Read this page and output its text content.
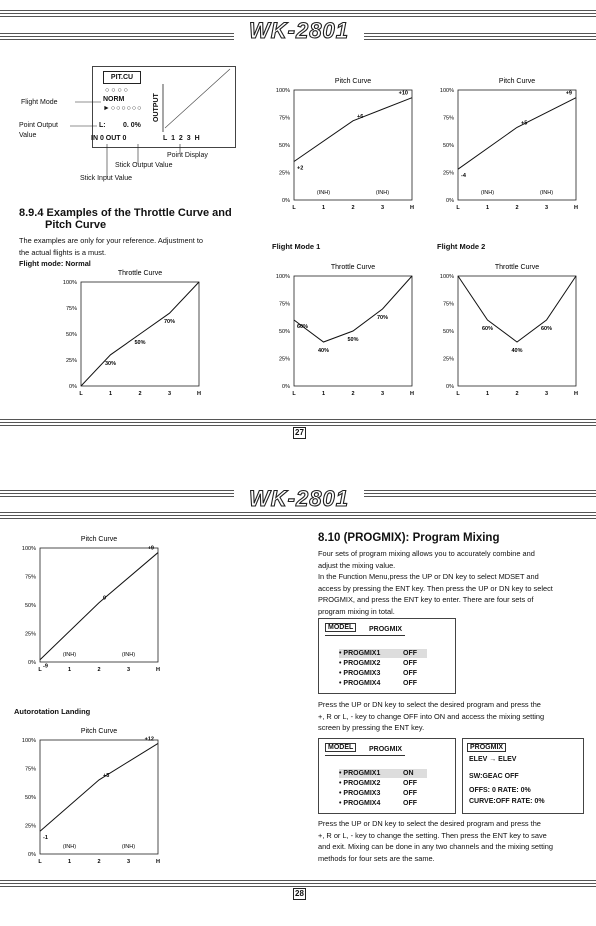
WK-2801
PIT.CU
○○○○
NORM
►○○○○○○
L: 0. 0%
IN 0 OUT 0
OUTPUT
L 1 2 3 H
Flight Mode
Point Output
Value
Point Display
Stick Output Value
Stick Input Value
8.9.4 Examples of the Throttle Curve and
Pitch Curve
The examples are only for your reference. Adjustment to
the actual flights is a must.
Flight mode: Normal
Flight Mode 1	Flight Mode 2
Pitch Curve
100%
75%
50%
25%
0%
L	1	2	3	H
+2
+6
+10
(INH)	(INH)
Pitch Curve
100%
75%
50%
25%
0%
L	1	2	3	H
-4
+5
+9
(INH)	(INH)
Throttle Curve
100%
75%
50%
25%
0%
L	1	2	3	H
30%
50%
70%
Throttle Curve
100%
75%
50%
25%
0%
L	1	2	3	H
60%
40%
50%
70%
Throttle Curve
100%
75%
50%
25%
0%
L	1	2	3	H
60%
40%
60%
27
WK-2801
Pitch Curve
100%
75%
50%
25%
0%
L	1	2	3	H
-9
0
+9
(INH)	(INH)
Autorotation Landing
Pitch Curve
100%
75%
50%
25%
0%
L	1	2	3	H
-1
+5
+12
(INH)	(INH)
8.10 (PROGMIX): Program Mixing
Four sets of program mixing allows you to accurately combine and
adjust the mixing value.
In the Function Menu,press the UP or DN key to select MDSET and
access by pressing the ENT key. Then press the UP or DN key to select
PROGMIX, and press the ENT key to enter. There are four sets of
program mixing in total.
Press the UP or DN key to select the desired program and press the
+, R or L, - key to change OFF into ON and access the mixing setting
screen by pressing the ENT key.
Press the UP or DN key to select the desired program and press the
+, R or L, - key to change the setting. Then press the ENT key to save
and exit. Mixing can be done in any two channels and the mixing setting
methods for four sets are the same.
MODEL	PROGMIX
• PROGMIX1	OFF
• PROGMIX2	OFF
• PROGMIX3	OFF
• PROGMIX4	OFF
MODEL	PROGMIX
• PROGMIX1	ON
• PROGMIX2	OFF
• PROGMIX3	OFF
• PROGMIX4	OFF
PROGMIX
ELEV → ELEV
SW:GEAC OFF
OFFS: 0 RATE: 0%
CURVE:OFF RATE: 0%
28
